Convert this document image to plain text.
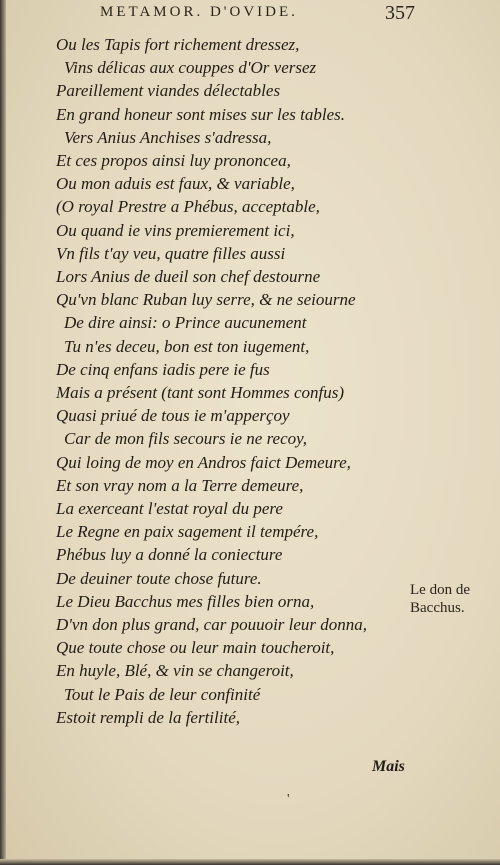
METAMOR. D'OVIDE.	357
Ou les Tapis fort richement dressez,
Vins délicas aux couppes d'Or versez
Pareillement viandes délectables
En grand honeur sont mises sur les tables.
Vers Anius Anchises s'adressa,
Et ces propos ainsi luy prononcea,
Ou mon aduis est faux, & variable,
(O royal Prestre a Phébus, acceptable,
Ou quand ie vins premierement ici,
Vn fils t'ay veu, quatre filles aussi
Lors Anius de dueil son chef destourne
Qu'vn blanc Ruban luy serre, & ne seiourne
De dire ainsi: o Prince aucunement
Tu n'es deceu, bon est ton iugement,
De cinq enfans iadis pere ie fus
Mais a présent (tant sont Hommes confus)
Quasi priué de tous ie m'apperçoy
Car de mon fils secours ie ne recoy,
Qui loing de moy en Andros faict Demeure,
Et son vray nom a la Terre demeure,
La exerceant l'estat royal du pere
Le Regne en paix sagement il tempére,
Phébus luy a donné la coniecture
De deuiner toute chose future.
Le Dieu Bacchus mes filles bien orna,
D'vn don plus grand, car pouuoir leur donna,
Que toute chose ou leur main toucheroit,
En huyle, Blé, & vin se changeroit,
Tout le Pais de leur confinité
Estoit rempli de la fertilité,
Le don de
Bacchus.
Mais
'
